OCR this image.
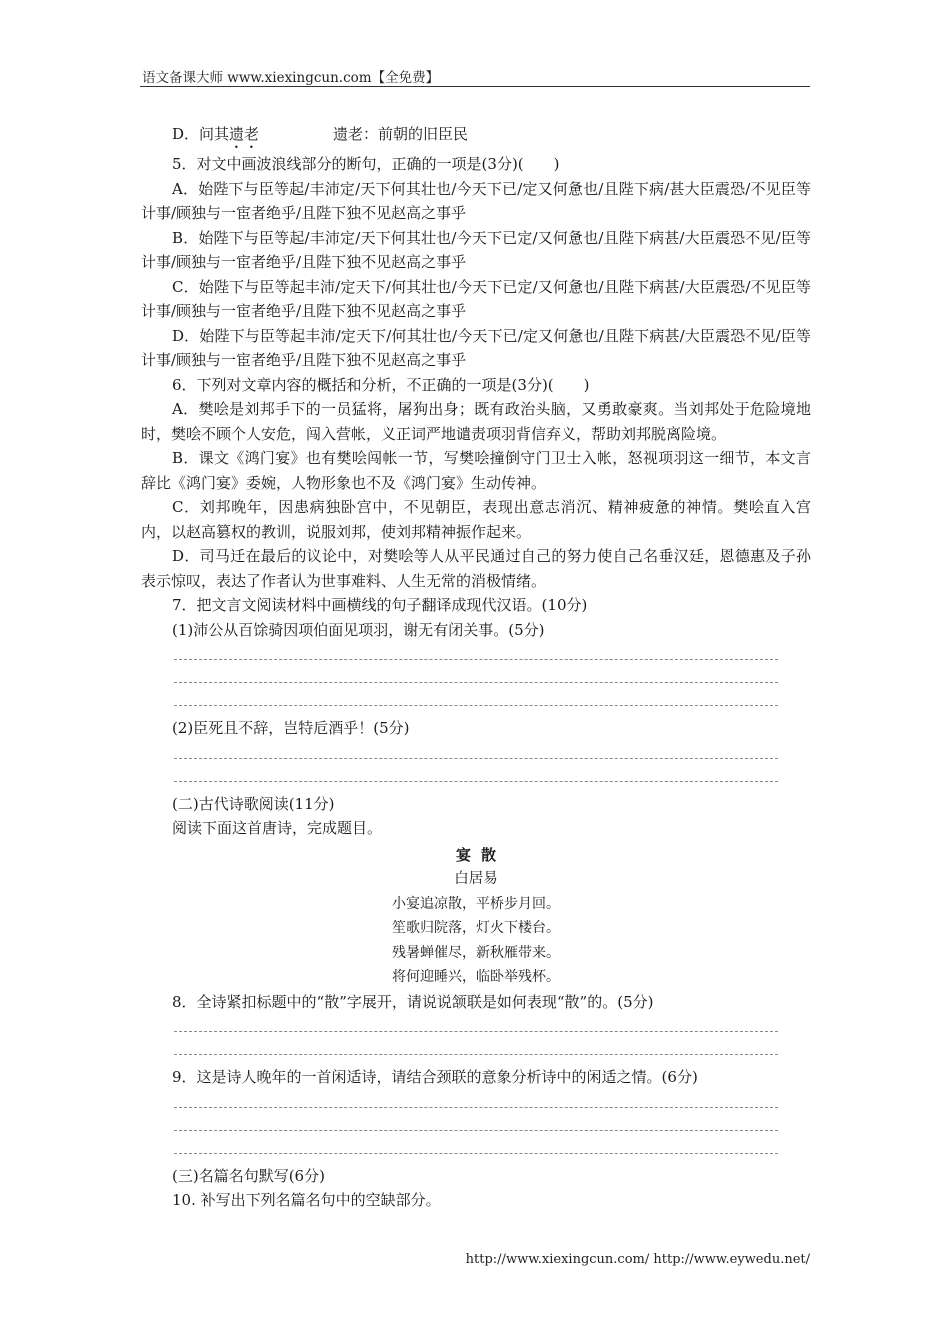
语文备课大师 www.xiexingcun.com【全免费】

D．问其遗老	遗老：前朝的旧臣民

5．对文中画波浪线部分的断句，正确的一项是(3分)(　　)

A．始陛下与臣等起/丰沛定/天下何其壮也/今天下已/定又何惫也/且陛下病/甚大臣震恐/不见臣等计事/顾独与一宦者绝乎/且陛下独不见赵高之事乎

B．始陛下与臣等起/丰沛定/天下何其壮也/今天下已定/又何惫也/且陛下病甚/大臣震恐不见/臣等计事/顾独与一宦者绝乎/且陛下独不见赵高之事乎

C．始陛下与臣等起丰沛/定天下/何其壮也/今天下已定/又何惫也/且陛下病甚/大臣震恐/不见臣等计事/顾独与一宦者绝乎/且陛下独不见赵高之事乎

D．始陛下与臣等起丰沛/定天下/何其壮也/今天下已/定又何惫也/且陛下病甚/大臣震恐不见/臣等计事/顾独与一宦者绝乎/且陛下独不见赵高之事乎

6．下列对文章内容的概括和分析，不正确的一项是(3分)(　　)

A．樊哙是刘邦手下的一员猛将，屠狗出身；既有政治头脑，又勇敢豪爽。当刘邦处于危险境地时，樊哙不顾个人安危，闯入营帐，义正词严地谴责项羽背信弃义，帮助刘邦脱离险境。

B．课文《鸿门宴》也有樊哙闯帐一节，写樊哙撞倒守门卫士入帐，怒视项羽这一细节，本文言辞比《鸿门宴》委婉，人物形象也不及《鸿门宴》生动传神。

C．刘邦晚年，因患病独卧宫中，不见朝臣，表现出意志消沉、精神疲惫的神情。樊哙直入宫内，以赵高篡权的教训，说服刘邦，使刘邦精神振作起来。

D．司马迁在最后的议论中，对樊哙等人从平民通过自己的努力使自己名垂汉廷，恩德惠及子孙表示惊叹，表达了作者认为世事难料、人生无常的消极情绪。

7．把文言文阅读材料中画横线的句子翻译成现代汉语。(10分)

(1)沛公从百馀骑因项伯面见项羽，谢无有闭关事。(5分)

(2)臣死且不辞，岂特卮酒乎！(5分)

(二)古代诗歌阅读(11分)

阅读下面这首唐诗，完成题目。

宴散

白居易

小宴追凉散，平桥步月回。

笙歌归院落，灯火下楼台。

残暑蝉催尽，新秋雁带来。

将何迎睡兴，临卧举残杯。

8．全诗紧扣标题中的“散”字展开，请说说颔联是如何表现“散”的。(5分)

9．这是诗人晚年的一首闲适诗，请结合颈联的意象分析诗中的闲适之情。(6分)

(三)名篇名句默写(6分)

10. 补写出下列名篇名句中的空缺部分。

http://www.xiexingcun.com/ http://www.eywedu.net/
